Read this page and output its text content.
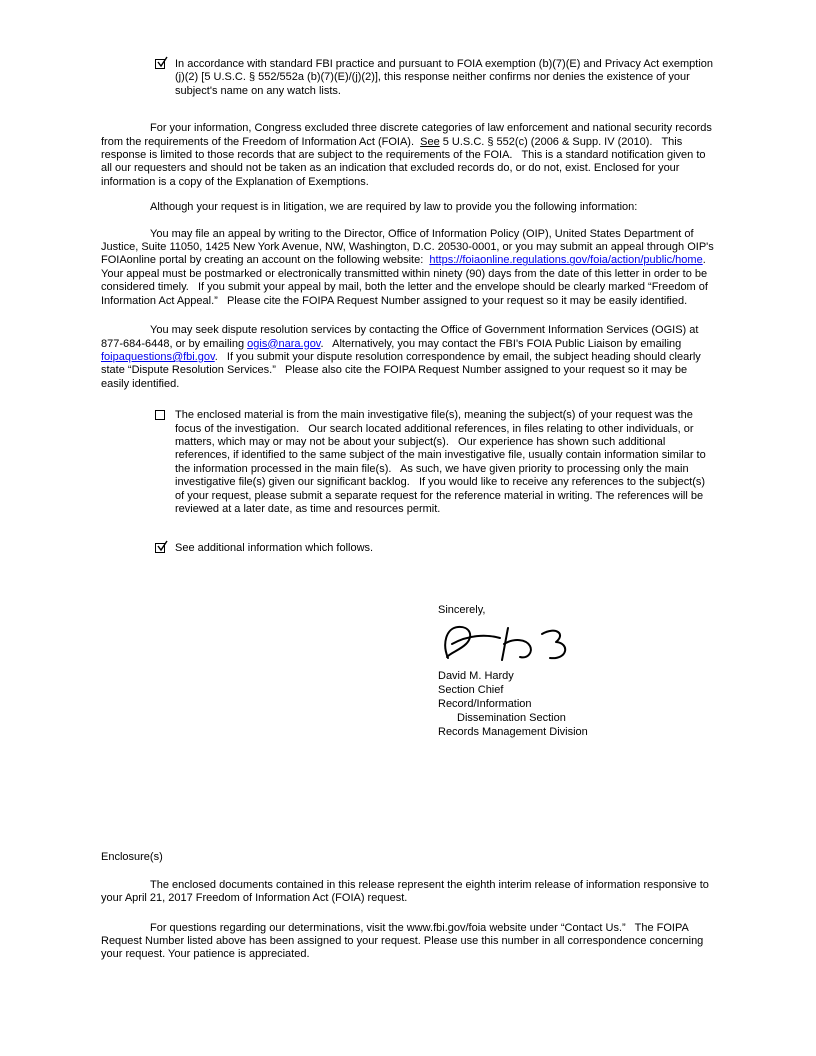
In accordance with standard FBI practice and pursuant to FOIA exemption (b)(7)(E) and Privacy Act exemption (j)(2) [5 U.S.C. § 552/552a (b)(7)(E)/(j)(2)], this response neither confirms nor denies the existence of your subject's name on any watch lists.

For your information, Congress excluded three discrete categories of law enforcement and national security records from the requirements of the Freedom of Information Act (FOIA).  See 5 U.S.C. § 552(c) (2006 & Supp. IV (2010).   This response is limited to those records that are subject to the requirements of the FOIA.   This is a standard notification given to all our requesters and should not be taken as an indication that excluded records do, or do not, exist. Enclosed for your information is a copy of the Explanation of Exemptions.

Although your request is in litigation, we are required by law to provide you the following information:

You may file an appeal by writing to the Director, Office of Information Policy (OIP), United States Department of Justice, Suite 11050, 1425 New York Avenue, NW, Washington, D.C. 20530-0001, or you may submit an appeal through OIP's FOIAonline portal by creating an account on the following website:  https://foiaonline.regulations.gov/foia/action/public/home.   Your appeal must be postmarked or electronically transmitted within ninety (90) days from the date of this letter in order to be considered timely.   If you submit your appeal by mail, both the letter and the envelope should be clearly marked “Freedom of Information Act Appeal.”   Please cite the FOIPA Request Number assigned to your request so it may be easily identified.

You may seek dispute resolution services by contacting the Office of Government Information Services (OGIS) at 877-684-6448, or by emailing ogis@nara.gov.   Alternatively, you may contact the FBI's FOIA Public Liaison by emailing foipaquestions@fbi.gov.   If you submit your dispute resolution correspondence by email, the subject heading should clearly state “Dispute Resolution Services.”   Please also cite the FOIPA Request Number assigned to your request so it may be easily identified.

The enclosed material is from the main investigative file(s), meaning the subject(s) of your request was the focus of the investigation.   Our search located additional references, in files relating to other individuals, or matters, which may or may not be about your subject(s).   Our experience has shown such additional references, if identified to the same subject of the main investigative file, usually contain information similar to the information processed in the main file(s).   As such, we have given priority to processing only the main investigative file(s) given our significant backlog.   If you would like to receive any references to the subject(s) of your request, please submit a separate request for the reference material in writing. The references will be reviewed at a later date, as time and resources permit.
See additional information which follows.
Sincerely,
David M. Hardy
Section Chief
Record/Information
Dissemination Section
Records Management Division
Enclosure(s)

The enclosed documents contained in this release represent the eighth interim release of information responsive to your April 21, 2017 Freedom of Information Act (FOIA) request.

For questions regarding our determinations, visit the www.fbi.gov/foia website under “Contact Us.”   The FOIPA Request Number listed above has been assigned to your request. Please use this number in all correspondence concerning your request. Your patience is appreciated.
